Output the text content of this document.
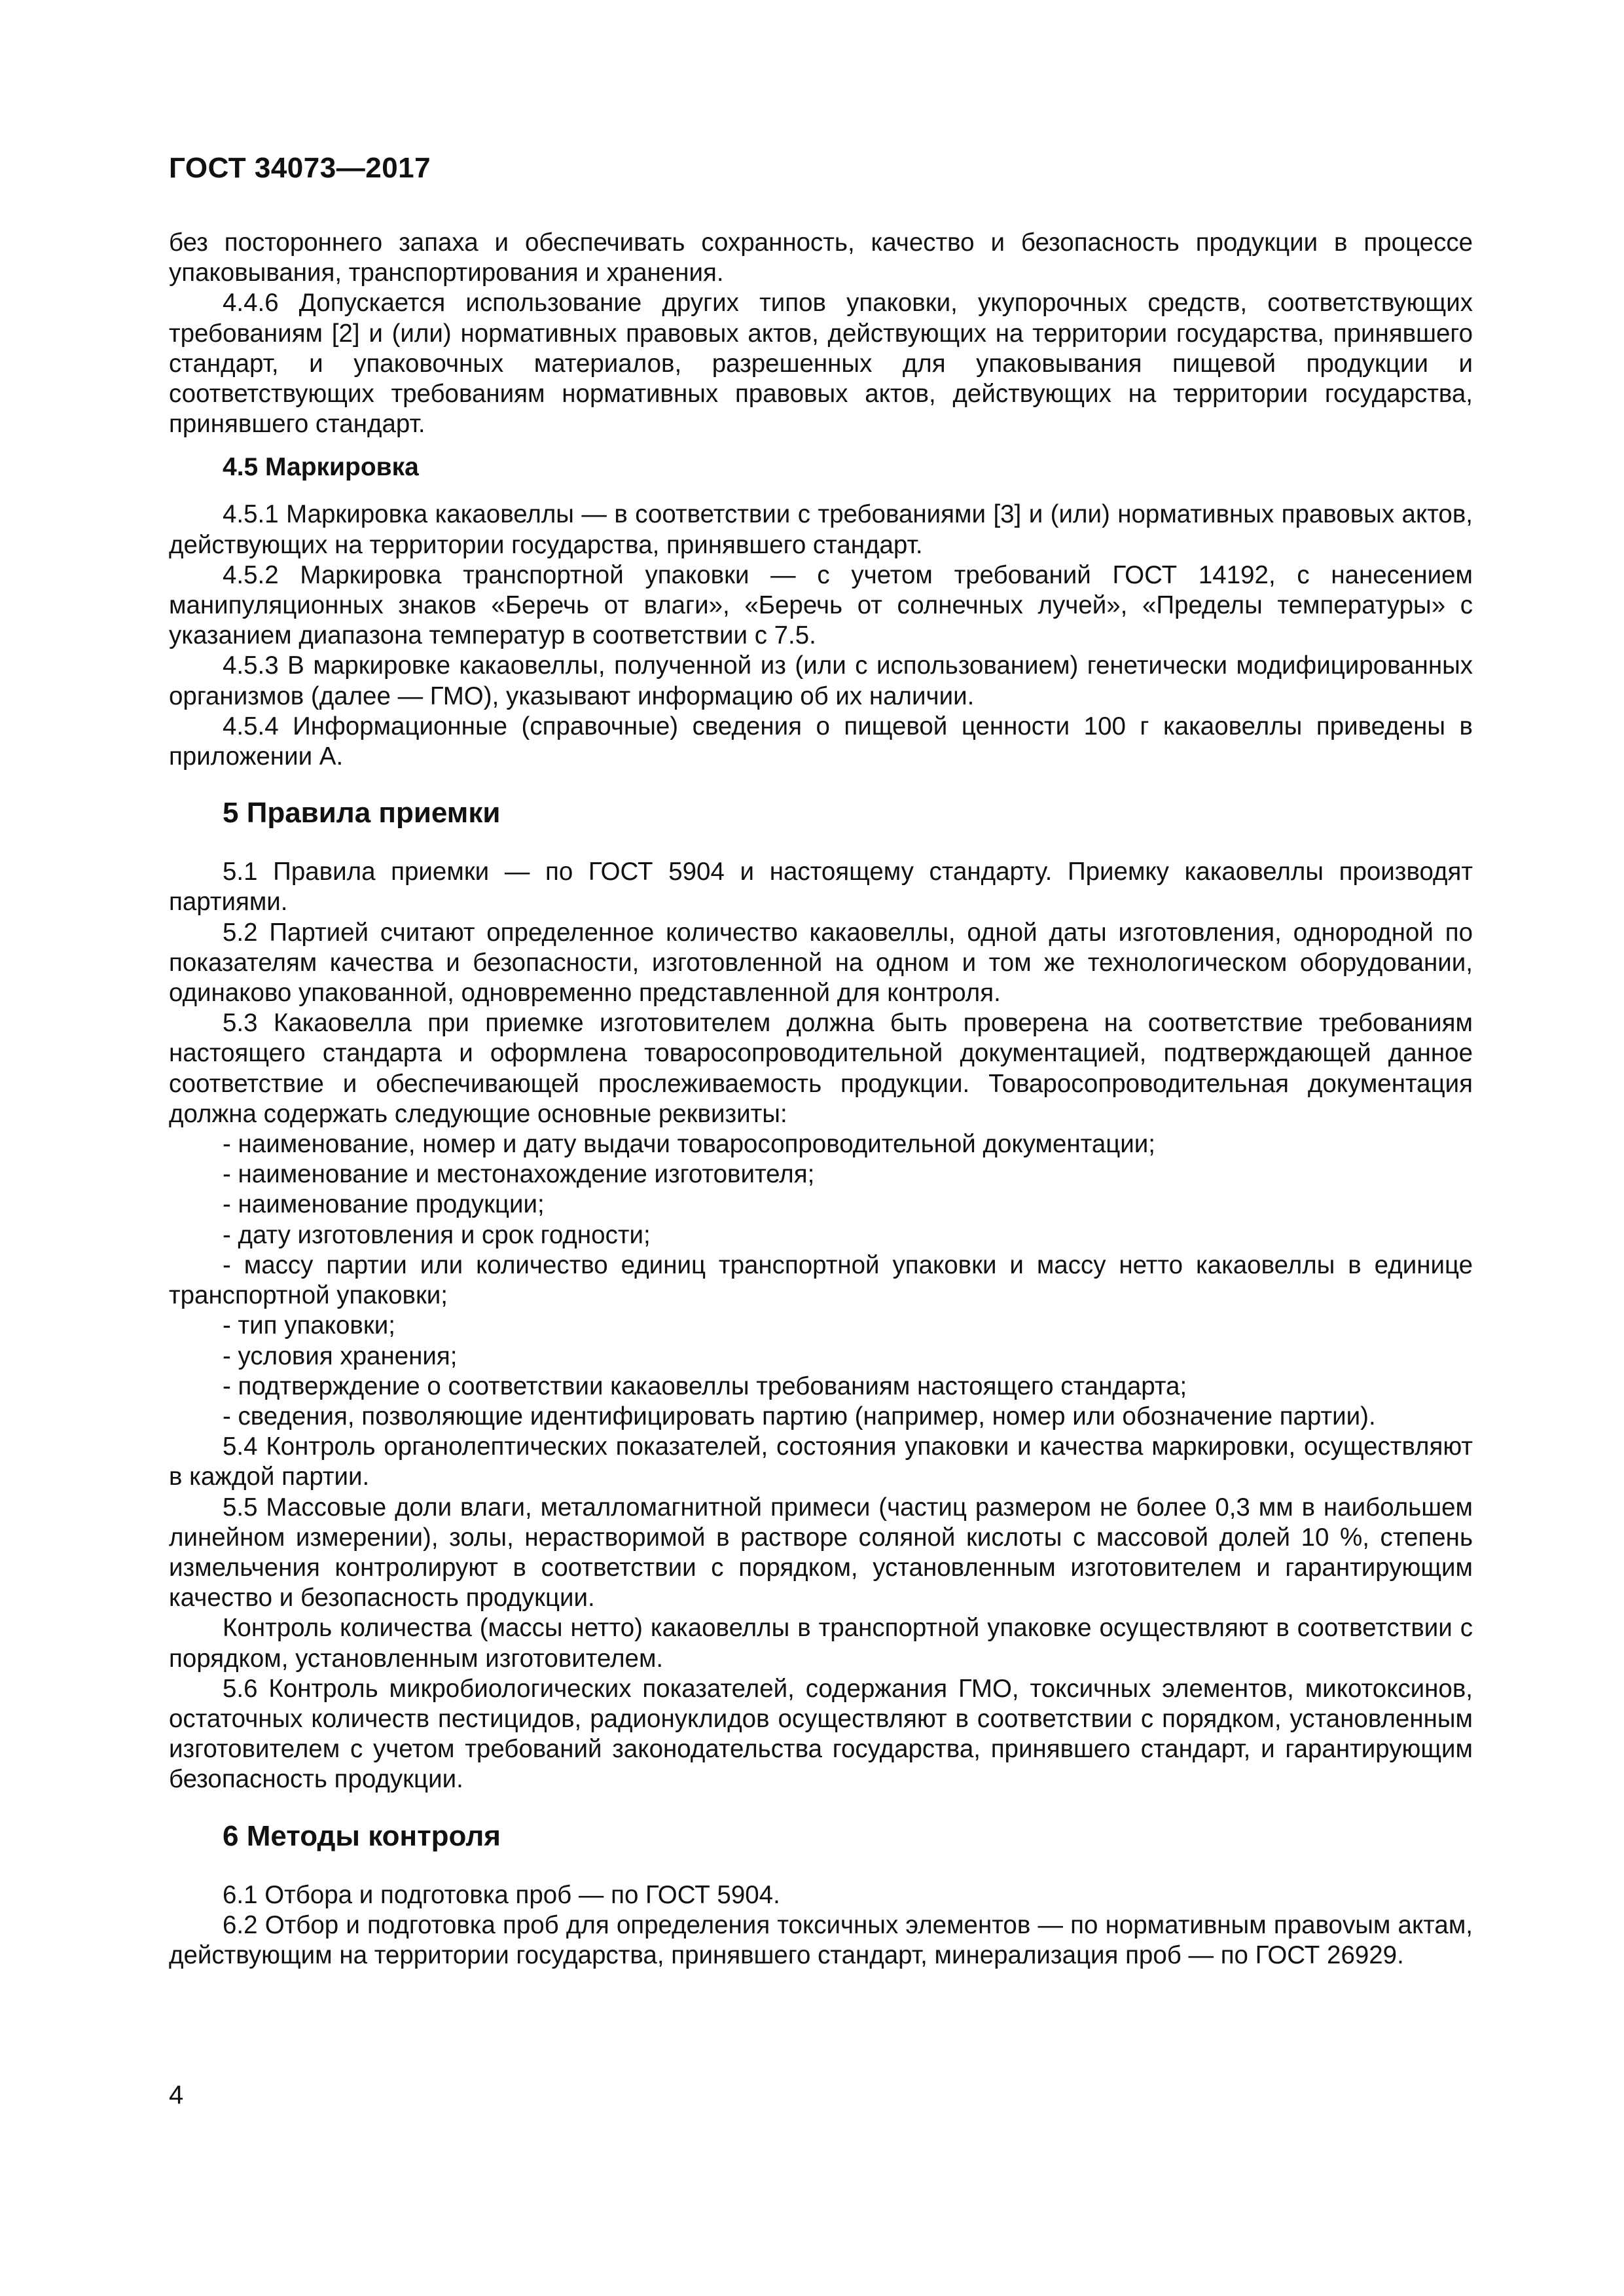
ГОСТ 34073—2017

без постороннего запаха и обеспечивать сохранность, качество и безопасность продукции в процессе упаковывания, транспортирования и хранения.

4.4.6 Допускается использование других типов упаковки, укупорочных средств, соответствующих требованиям [2] и (или) нормативных правовых актов, действующих на территории государства, принявшего стандарт, и упаковочных материалов, разрешенных для упаковывания пищевой продукции и соответствующих требованиям нормативных правовых актов, действующих на территории государства, принявшего стандарт.

4.5 Маркировка

4.5.1 Маркировка какаовеллы — в соответствии с требованиями [3] и (или) нормативных правовых актов, действующих на территории государства, принявшего стандарт.

4.5.2 Маркировка транспортной упаковки — с учетом требований ГОСТ 14192, с нанесением манипуляционных знаков «Беречь от влаги», «Беречь от солнечных лучей», «Пределы температуры» с указанием диапазона температур в соответствии с 7.5.

4.5.3 В маркировке какаовеллы, полученной из (или с использованием) генетически модифицированных организмов (далее — ГМО), указывают информацию об их наличии.

4.5.4 Информационные (справочные) сведения о пищевой ценности 100 г какаовеллы приведены в приложении А.

5 Правила приемки

5.1 Правила приемки — по ГОСТ 5904 и настоящему стандарту. Приемку какаовеллы производят партиями.

5.2 Партией считают определенное количество какаовеллы, одной даты изготовления, однородной по показателям качества и безопасности, изготовленной на одном и том же технологическом оборудовании, одинаково упакованной, одновременно представленной для контроля.

5.3 Какаовелла при приемке изготовителем должна быть проверена на соответствие требованиям настоящего стандарта и оформлена товаросопроводительной документацией, подтверждающей данное соответствие и обеспечивающей прослеживаемость продукции. Товаросопроводительная документация должна содержать следующие основные реквизиты:

- наименование, номер и дату выдачи товаросопроводительной документации;

- наименование и местонахождение изготовителя;

- наименование продукции;

- дату изготовления и срок годности;

- массу партии или количество единиц транспортной упаковки и массу нетто какаовеллы в единице транспортной упаковки;

- тип упаковки;

- условия хранения;

- подтверждение о соответствии какаовеллы требованиям настоящего стандарта;

- сведения, позволяющие идентифицировать партию (например, номер или обозначение партии).

5.4 Контроль органолептических показателей, состояния упаковки и качества маркировки, осуществляют в каждой партии.

5.5 Массовые доли влаги, металломагнитной примеси (частиц размером не более 0,3 мм в наибольшем линейном измерении), золы, нерастворимой в растворе соляной кислоты с массовой долей 10 %, степень измельчения контролируют в соответствии с порядком, установленным изготовителем и гарантирующим качество и безопасность продукции.

Контроль количества (массы нетто) какаовеллы в транспортной упаковке осуществляют в соответствии с порядком, установленным изготовителем.

5.6 Контроль микробиологических показателей, содержания ГМО, токсичных элементов, микотоксинов, остаточных количеств пестицидов, радионуклидов осуществляют в соответствии с порядком, установленным изготовителем с учетом требований законодательства государства, принявшего стандарт, и гарантирующим безопасность продукции.

6 Методы контроля

6.1 Отбора и подготовка проб — по ГОСТ 5904.

6.2 Отбор и подготовка проб для определения токсичных элементов — по нормативным правоvым актам, действующим на территории государства, принявшего стандарт, минерализация проб — по ГОСТ 26929.

4
